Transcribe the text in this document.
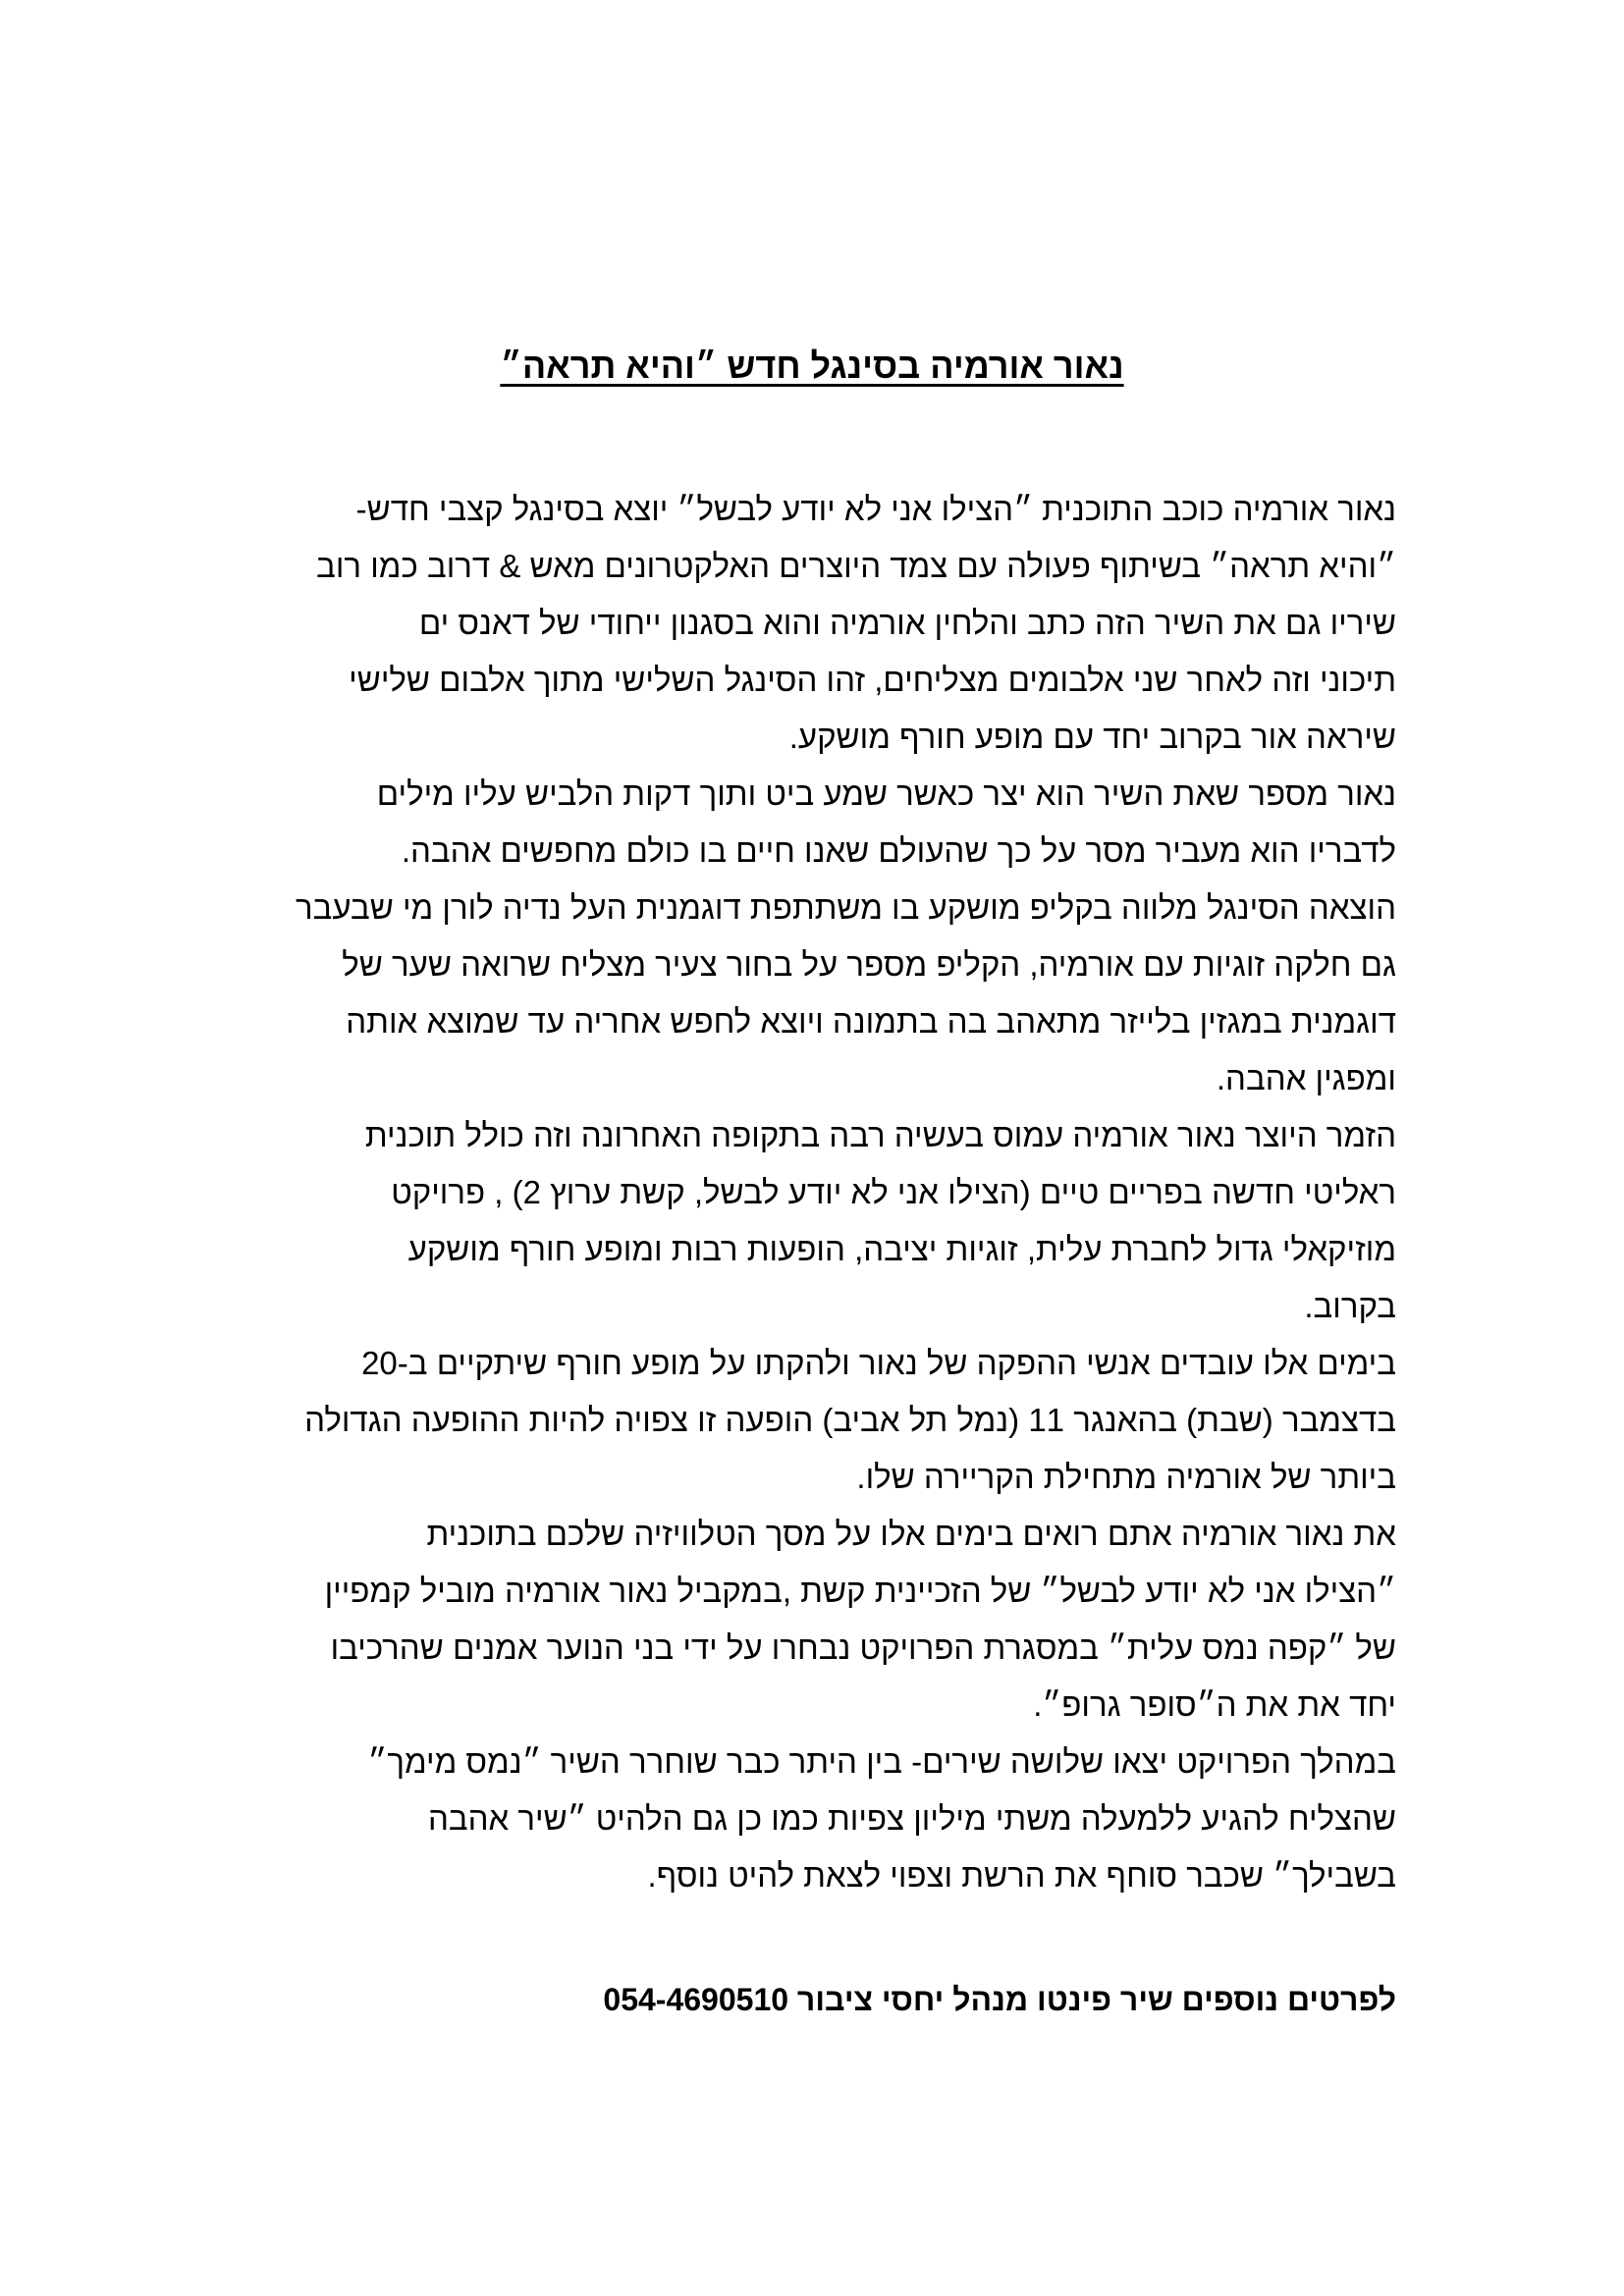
נאור אורמיה בסינגל חדש ״והיא תראה״
נאור אורמיה כוכב התוכנית ״הצילו אני לא יודע לבשל״ יוצא בסינגל קצבי חדש-
״והיא תראה״ בשיתוף פעולה עם צמד היוצרים האלקטרונים מאש & דרוב כמו רוב
שיריו גם את השיר הזה כתב והלחין אורמיה והוא בסגנון ייחודי של דאנס ים
תיכוני וזה לאחר שני אלבומים מצליחים, זהו הסינגל השלישי מתוך אלבום שלישי
שיראה אור בקרוב יחד עם מופע חורף מושקע.
נאור מספר שאת השיר הוא יצר כאשר שמע ביט ותוך דקות הלביש עליו מילים
לדבריו הוא מעביר מסר על כך שהעולם שאנו חיים בו כולם מחפשים אהבה.
הוצאה הסינגל מלווה בקליפ מושקע בו משתתפת דוגמנית העל נדיה לורן מי שבעבר
גם חלקה זוגיות עם אורמיה, הקליפ מספר על בחור צעיר מצליח שרואה שער של
דוגמנית במגזין בלייזר מתאהב בה בתמונה ויוצא לחפש אחריה עד שמוצא אותה
ומפגין אהבה.
הזמר היוצר נאור אורמיה עמוס בעשיה רבה בתקופה האחרונה וזה כולל תוכנית
ראליטי חדשה בפריים טיים (הצילו אני לא יודע לבשל, קשת ערוץ 2) , פרויקט
מוזיקאלי גדול לחברת עלית, זוגיות יציבה, הופעות רבות ומופע חורף מושקע
בקרוב.
בימים אלו עובדים אנשי ההפקה של נאור ולהקתו על מופע חורף שיתקיים ב-20
בדצמבר (שבת) בהאנגר 11 (נמל תל אביב) הופעה זו צפויה להיות ההופעה הגדולה
ביותר של אורמיה מתחילת הקריירה שלו.
את נאור אורמיה אתם רואים בימים אלו על מסך הטלוויזיה שלכם בתוכנית
״הצילו אני לא יודע לבשל״ של הזכיינית קשת ,במקביל נאור אורמיה מוביל קמפיין
של ״קפה נמס עלית״ במסגרת הפרויקט נבחרו על ידי בני הנוער אמנים שהרכיבו
יחד את את ה״סופר גרופ״.
במהלך הפרויקט יצאו שלושה שירים- בין היתר כבר שוחרר השיר ״נמס מימך״
שהצליח להגיע ללמעלה משתי מיליון צפיות כמו כן גם הלהיט ״שיר אהבה
בשבילך״ שכבר סוחף את הרשת וצפוי לצאת להיט נוסף.
לפרטים נוספים שיר פינטו מנהל יחסי ציבור 054-4690510
